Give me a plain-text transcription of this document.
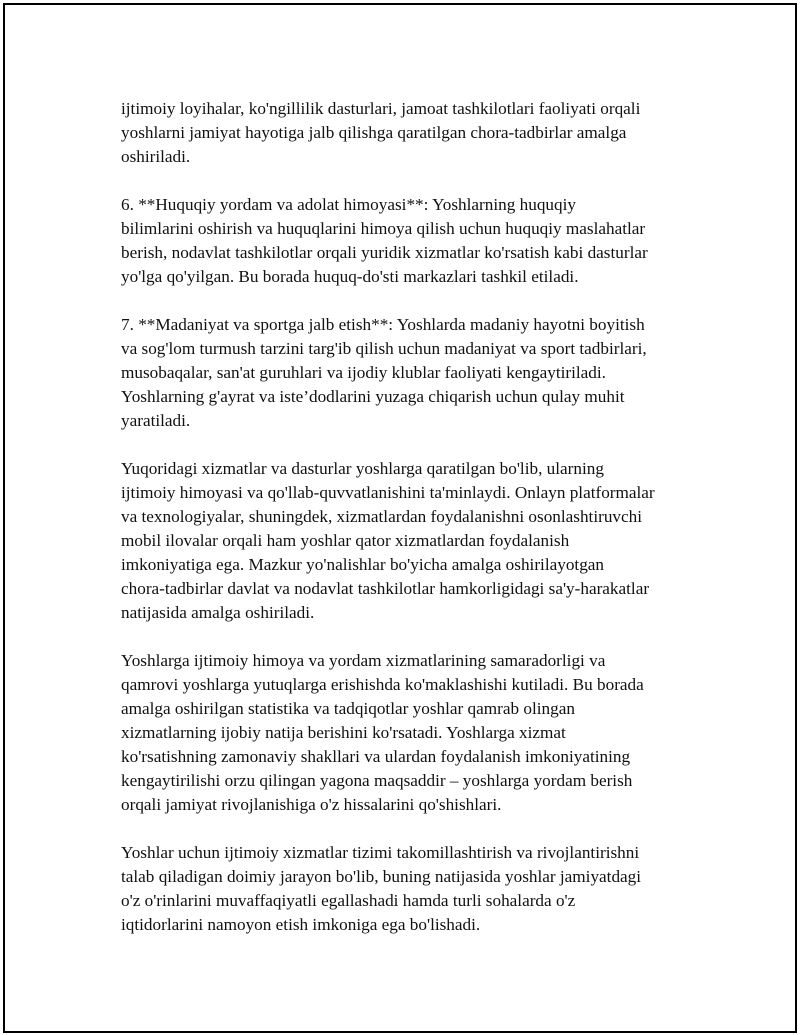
ijtimoiy loyihalar, ko'ngillilik dasturlari, jamoat tashkilotlari faoliyati orqali
yoshlarni jamiyat hayotiga jalb qilishga qaratilgan chora-tadbirlar amalga
oshiriladi.

6. **Huquqiy yordam va adolat himoyasi**: Yoshlarning huquqiy
bilimlarini oshirish va huquqlarini himoya qilish uchun huquqiy maslahatlar
berish, nodavlat tashkilotlar orqali yuridik xizmatlar ko'rsatish kabi dasturlar
yo'lga qo'yilgan. Bu borada huquq-do'sti markazlari tashkil etiladi.

7. **Madaniyat va sportga jalb etish**: Yoshlarda madaniy hayotni boyitish
va sog'lom turmush tarzini targ'ib qilish uchun madaniyat va sport tadbirlari,
musobaqalar, san'at guruhlari va ijodiy klublar faoliyati kengaytiriladi.
Yoshlarning g'ayrat va iste’dodlarini yuzaga chiqarish uchun qulay muhit
yaratiladi.

Yuqoridagi xizmatlar va dasturlar yoshlarga qaratilgan bo'lib, ularning
ijtimoiy himoyasi va qo'llab-quvvatlanishini ta'minlaydi. Onlayn platformalar
va texnologiyalar, shuningdek, xizmatlardan foydalanishni osonlashtiruvchi
mobil ilovalar orqali ham yoshlar qator xizmatlardan foydalanish
imkoniyatiga ega. Mazkur yo'nalishlar bo'yicha amalga oshirilayotgan
chora-tadbirlar davlat va nodavlat tashkilotlar hamkorligidagi sa'y-harakatlar
natijasida amalga oshiriladi.

Yoshlarga ijtimoiy himoya va yordam xizmatlarining samaradorligi va
qamrovi yoshlarga yutuqlarga erishishda ko'maklashishi kutiladi. Bu borada
amalga oshirilgan statistika va tadqiqotlar yoshlar qamrab olingan
xizmatlarning ijobiy natija berishini ko'rsatadi. Yoshlarga xizmat
ko'rsatishning zamonaviy shakllari va ulardan foydalanish imkoniyatining
kengaytirilishi orzu qilingan yagona maqsaddir – yoshlarga yordam berish
orqali jamiyat rivojlanishiga o'z hissalarini qo'shishlari.

Yoshlar uchun ijtimoiy xizmatlar tizimi takomillashtirish va rivojlantirishni
talab qiladigan doimiy jarayon bo'lib, buning natijasida yoshlar jamiyatdagi
o'z o'rinlarini muvaffaqiyatli egallashadi hamda turli sohalarda o'z
iqtidorlarini namoyon etish imkoniga ega bo'lishadi.
